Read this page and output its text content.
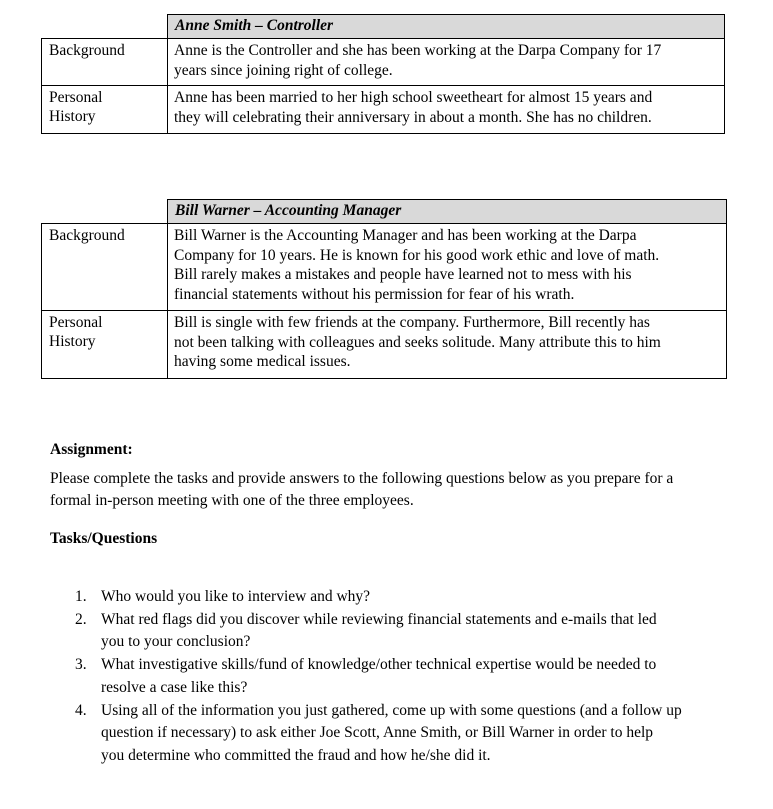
	Anne Smith – Controller
Background	Anne is the Controller and she has been working at the Darpa Company for 17
years since joining right of college.
Personal
History	Anne has been married to her high school sweetheart for almost 15 years and
they will celebrating their anniversary in about a month. She has no children.
	Bill Warner – Accounting Manager
Background	Bill Warner is the Accounting Manager and has been working at the Darpa
Company for 10 years. He is known for his good work ethic and love of math.
Bill rarely makes a mistakes and people have learned not to mess with his
financial statements without his permission for fear of his wrath.
Personal
History	Bill is single with few friends at the company. Furthermore, Bill recently has
not been talking with colleagues and seeks solitude. Many attribute this to him
having some medical issues.
Assignment:
Please complete the tasks and provide answers to the following questions below as you prepare for a
formal in-person meeting with one of the three employees.
Tasks/Questions
1. Who would you like to interview and why?
2. What red flags did you discover while reviewing financial statements and e-mails that led
you to your conclusion?
3. What investigative skills/fund of knowledge/other technical expertise would be needed to
resolve a case like this?
4. Using all of the information you just gathered, come up with some questions (and a follow up
question if necessary) to ask either Joe Scott, Anne Smith, or Bill Warner in order to help
you determine who committed the fraud and how he/she did it.
